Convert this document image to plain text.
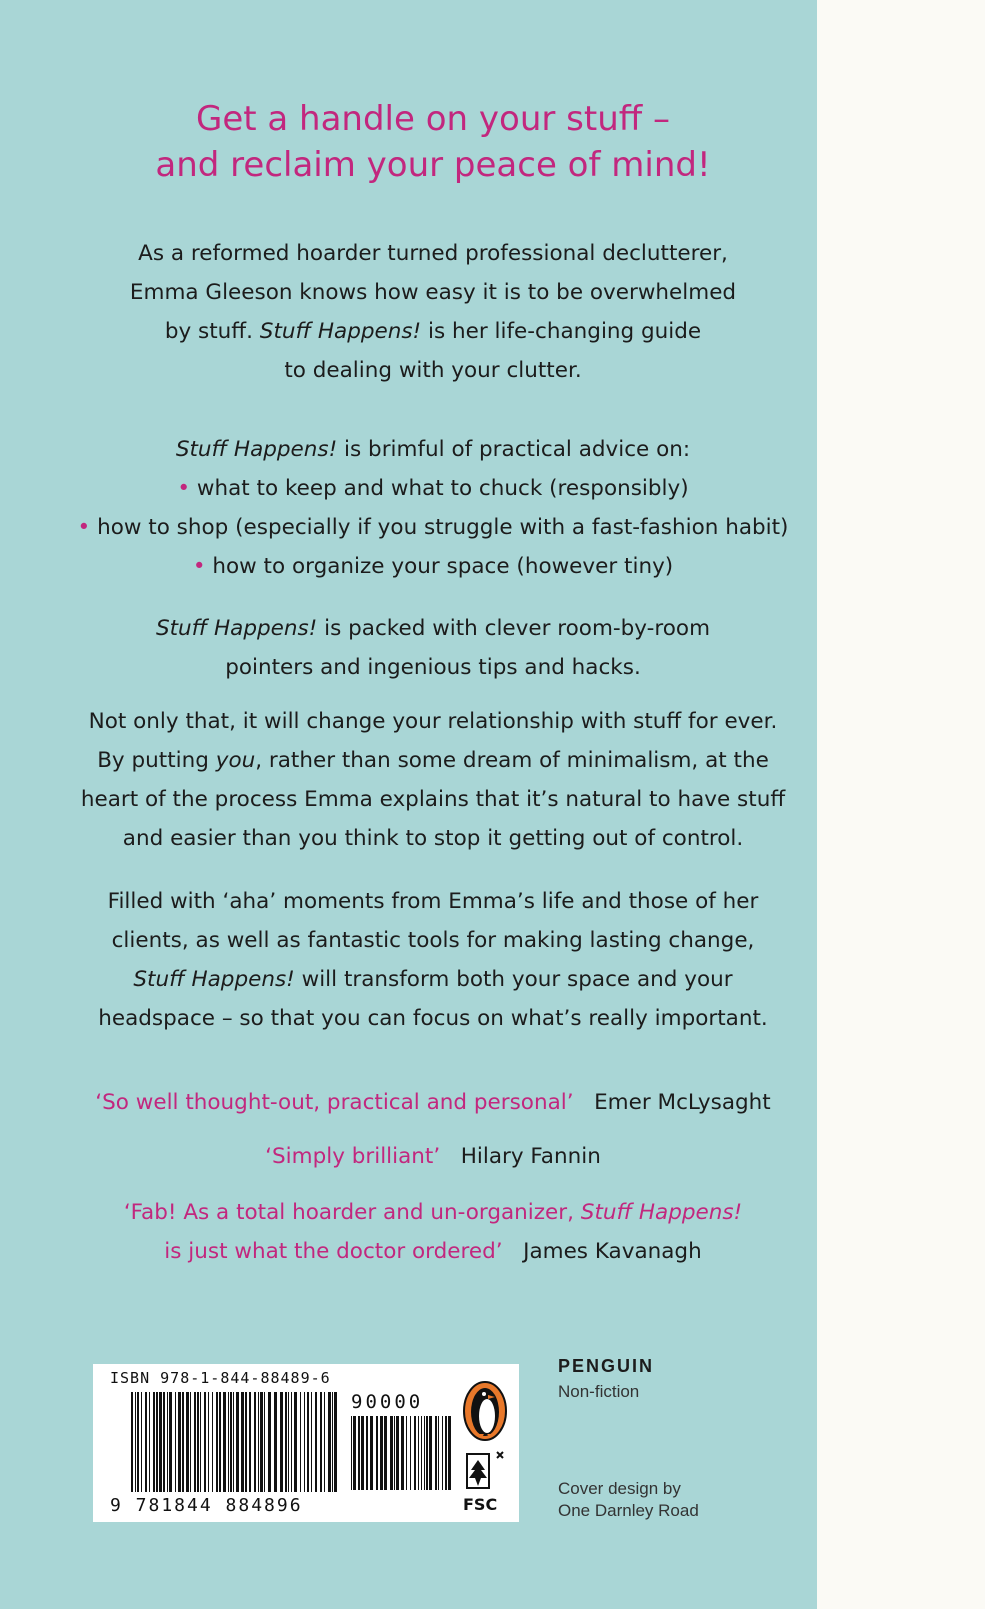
Get a handle on your stuff –
and reclaim your peace of mind!
As a reformed hoarder turned professional declutterer,
Emma Gleeson knows how easy it is to be overwhelmed
by stuff. Stuff Happens! is her life-changing guide
to dealing with your clutter.
Stuff Happens! is brimful of practical advice on:
• what to keep and what to chuck (responsibly)
• how to shop (especially if you struggle with a fast-fashion habit)
• how to organize your space (however tiny)
Stuff Happens! is packed with clever room-by-room
pointers and ingenious tips and hacks.
Not only that, it will change your relationship with stuff for ever.
By putting you, rather than some dream of minimalism, at the
heart of the process Emma explains that it’s natural to have stuff
and easier than you think to stop it getting out of control.
Filled with ‘aha’ moments from Emma’s life and those of her
clients, as well as fantastic tools for making lasting change,
Stuff Happens! will transform both your space and your
headspace – so that you can focus on what’s really important.
‘So well thought-out, practical and personal’ Emer McLysaght
‘Simply brilliant’ Hilary Fannin
‘Fab! As a total hoarder and un-organizer, Stuff Happens!
is just what the doctor ordered’ James Kavanagh
ISBN 978-1-844-88489-6
90000
9 781844 884896	FSC
PENGUIN
Non-fiction
Cover design by
One Darnley Road
